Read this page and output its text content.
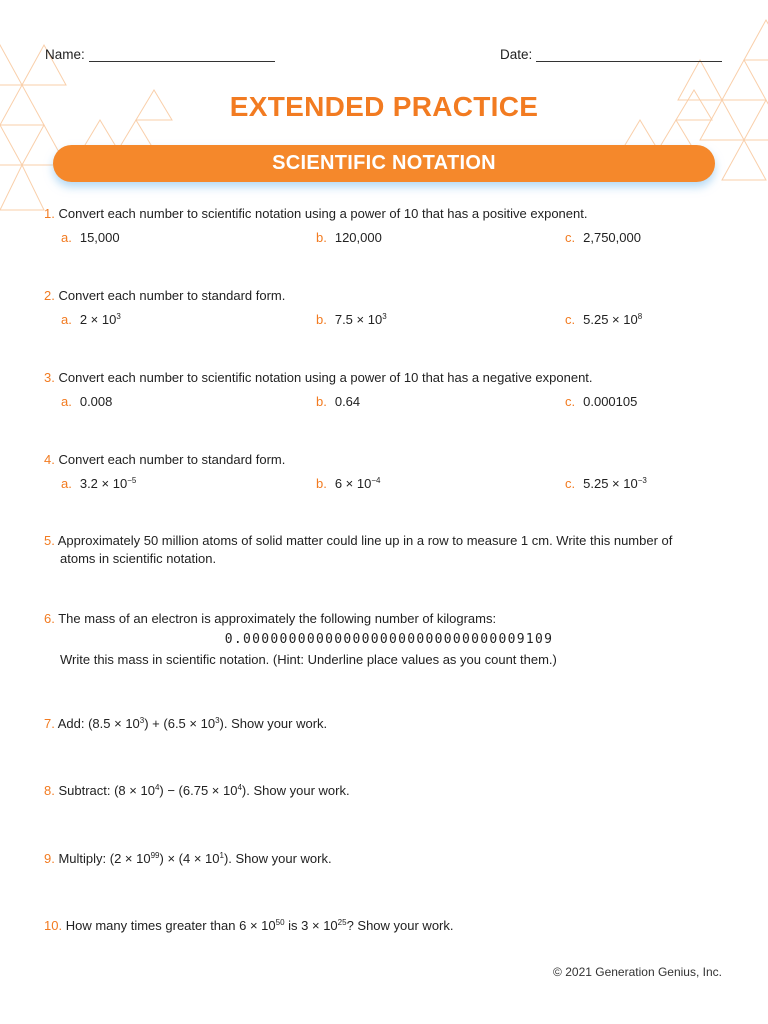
Name:	Date:
EXTENDED PRACTICE
SCIENTIFIC NOTATION
1. Convert each number to scientific notation using a power of 10 that has a positive exponent.
a. 15,000	b. 120,000	c. 2,750,000
2. Convert each number to standard form.
a. $2 \times 10^3$	b. $7.5 \times 10^3$	c. $5.25 \times 10^8$
3. Convert each number to scientific notation using a power of 10 that has a negative exponent.
a. 0.008	b. 0.64	c. 0.000105
4. Convert each number to standard form.
a. $3.2 \times 10^{-5}$	b. $6 \times 10^{-4}$	c. $5.25 \times 10^{-3}$
5. Approximately 50 million atoms of solid matter could line up in a row to measure 1 cm. Write this number of
atoms in scientific notation.
6. The mass of an electron is approximately the following number of kilograms:
0.0000000000000000000000000000009109
Write this mass in scientific notation. (Hint: Underline place values as you count them.)
7. Add: $(8.5 \times 10^3) + (6.5 \times 10^3)$. Show your work.
8. Subtract: $(8 \times 10^4) - (6.75 \times 10^4)$. Show your work.
9. Multiply: $(2 \times 10^{99}) \times (4 \times 10^1)$. Show your work.
10. How many times greater than $6 \times 10^{50}$ is $3 \times 10^{25}$? Show your work.
© 2021 Generation Genius, Inc.
